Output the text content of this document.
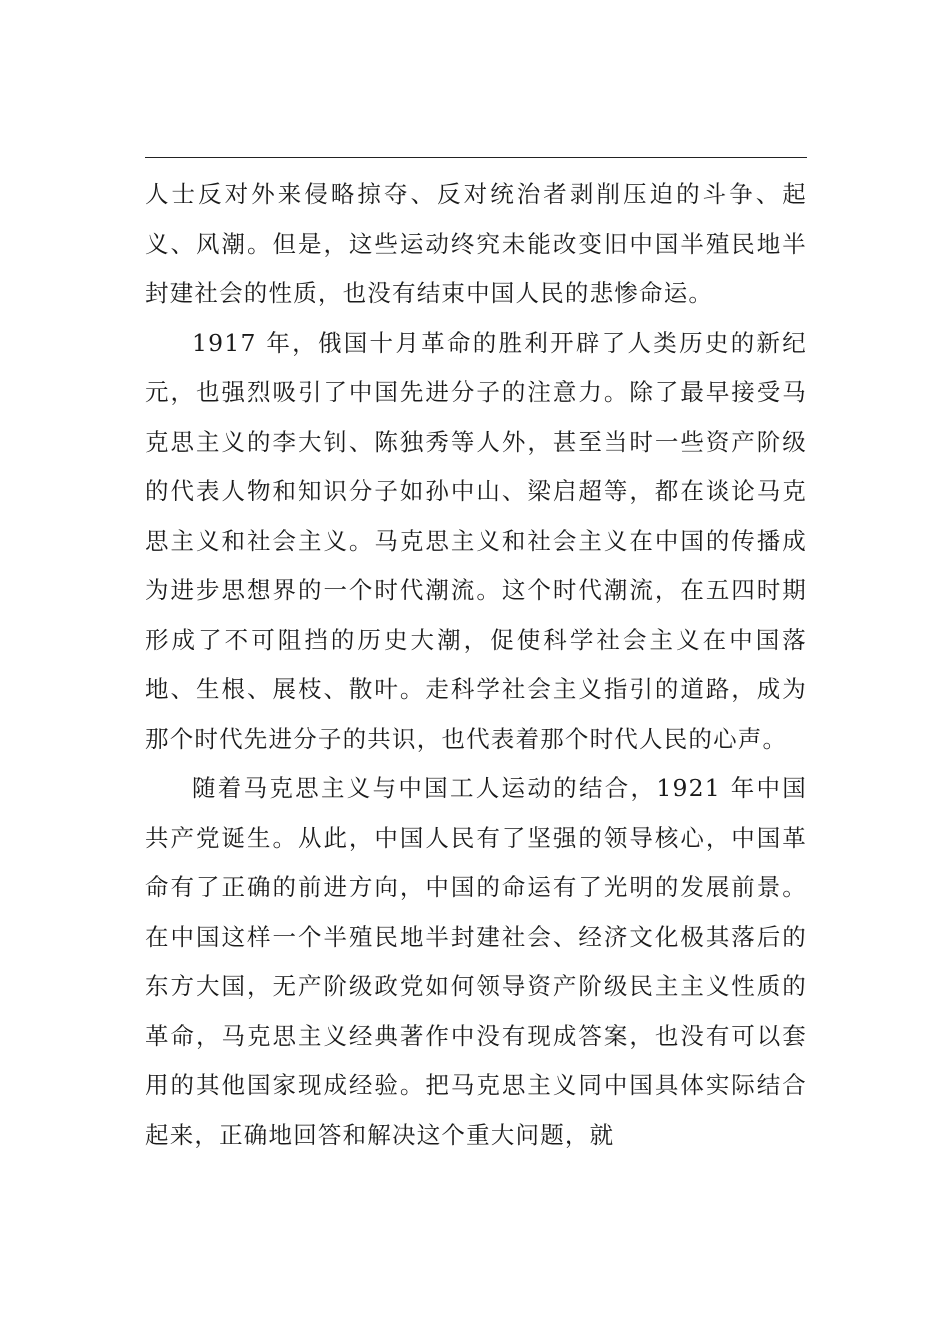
人士反对外来侵略掠夺、反对统治者剥削压迫的斗争、起义、风潮。但是，这些运动终究未能改变旧中国半殖民地半封建社会的性质，也没有结束中国人民的悲惨命运。

1917 年，俄国十月革命的胜利开辟了人类历史的新纪元，也强烈吸引了中国先进分子的注意力。除了最早接受马克思主义的李大钊、陈独秀等人外，甚至当时一些资产阶级的代表人物和知识分子如孙中山、梁启超等，都在谈论马克思主义和社会主义。马克思主义和社会主义在中国的传播成为进步思想界的一个时代潮流。这个时代潮流，在五四时期形成了不可阻挡的历史大潮，促使科学社会主义在中国落地、生根、展枝、散叶。走科学社会主义指引的道路，成为那个时代先进分子的共识，也代表着那个时代人民的心声。

随着马克思主义与中国工人运动的结合，1921 年中国共产党诞生。从此，中国人民有了坚强的领导核心，中国革命有了正确的前进方向，中国的命运有了光明的发展前景。在中国这样一个半殖民地半封建社会、经济文化极其落后的东方大国，无产阶级政党如何领导资产阶级民主主义性质的革命，马克思主义经典著作中没有现成答案，也没有可以套用的其他国家现成经验。把马克思主义同中国具体实际结合起来，正确地回答和解决这个重大问题，就
